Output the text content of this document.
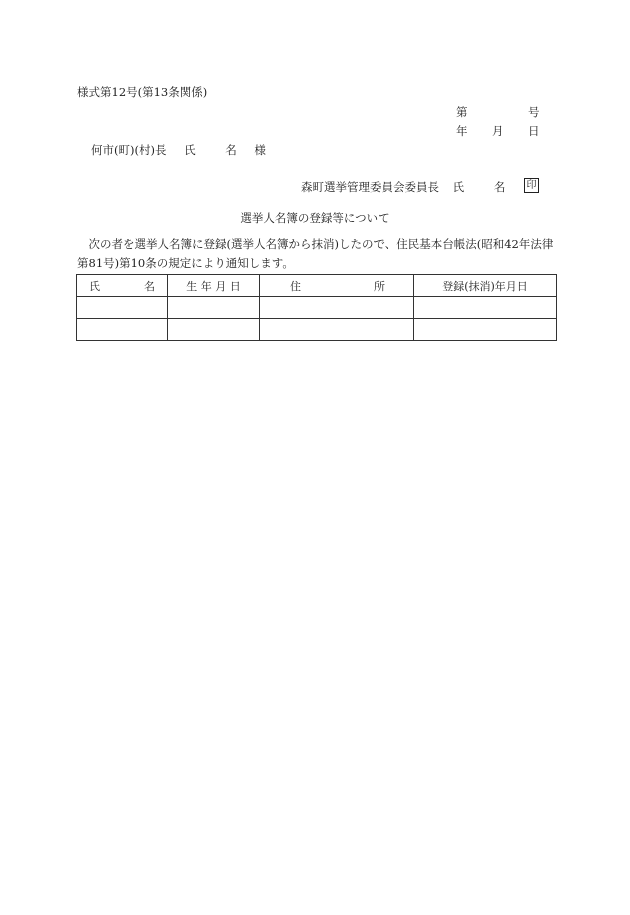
様式第12号(第13条関係)
第	号
年 月 日
何市(町)(村)長 氏	名 様
森町選挙管理委員会委員長 氏	名 印
選挙人名簿の登録等について
次の者を選挙人名簿に登録(選挙人名簿から抹消)したので、住民基本台帳法(昭和42年法律第81号)第10条の規定により通知します。
氏 名	生 年 月 日	住 所	登録(抹消)年月日
